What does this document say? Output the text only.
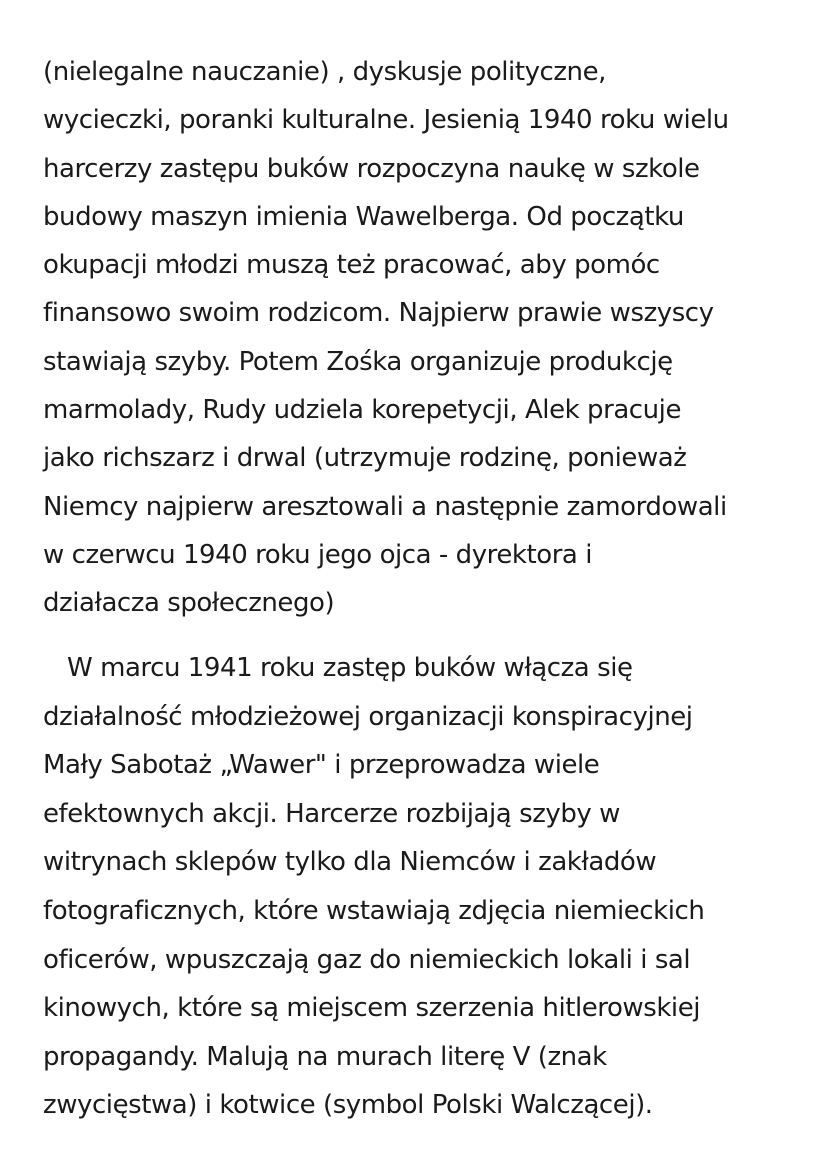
(nielegalne nauczanie) , dyskusje polityczne,
wycieczki, poranki kulturalne. Jesienią 1940 roku wielu
harcerzy zastępu buków rozpoczyna naukę w szkole
budowy maszyn imienia Wawelberga. Od początku
okupacji młodzi muszą też pracować, aby pomóc
finansowo swoim rodzicom. Najpierw prawie wszyscy
stawiają szyby. Potem Zośka organizuje produkcję
marmolady, Rudy udziela korepetycji, Alek pracuje
jako richszarz i drwal (utrzymuje rodzinę, ponieważ
Niemcy najpierw aresztowali a następnie zamordowali
w czerwcu 1940 roku jego ojca - dyrektora i
działacza społecznego)
W marcu 1941 roku zastęp buków włącza się
działalność młodzieżowej organizacji konspiracyjnej
Mały Sabotaż „Wawer" i przeprowadza wiele
efektownych akcji. Harcerze rozbijają szyby w
witrynach sklepów tylko dla Niemców i zakładów
fotograficznych, które wstawiają zdjęcia niemieckich
oficerów, wpuszczają gaz do niemieckich lokali i sal
kinowych, które są miejscem szerzenia hitlerowskiej
propagandy. Malują na murach literę V (znak
zwycięstwa) i kotwice (symbol Polski Walczącej).
